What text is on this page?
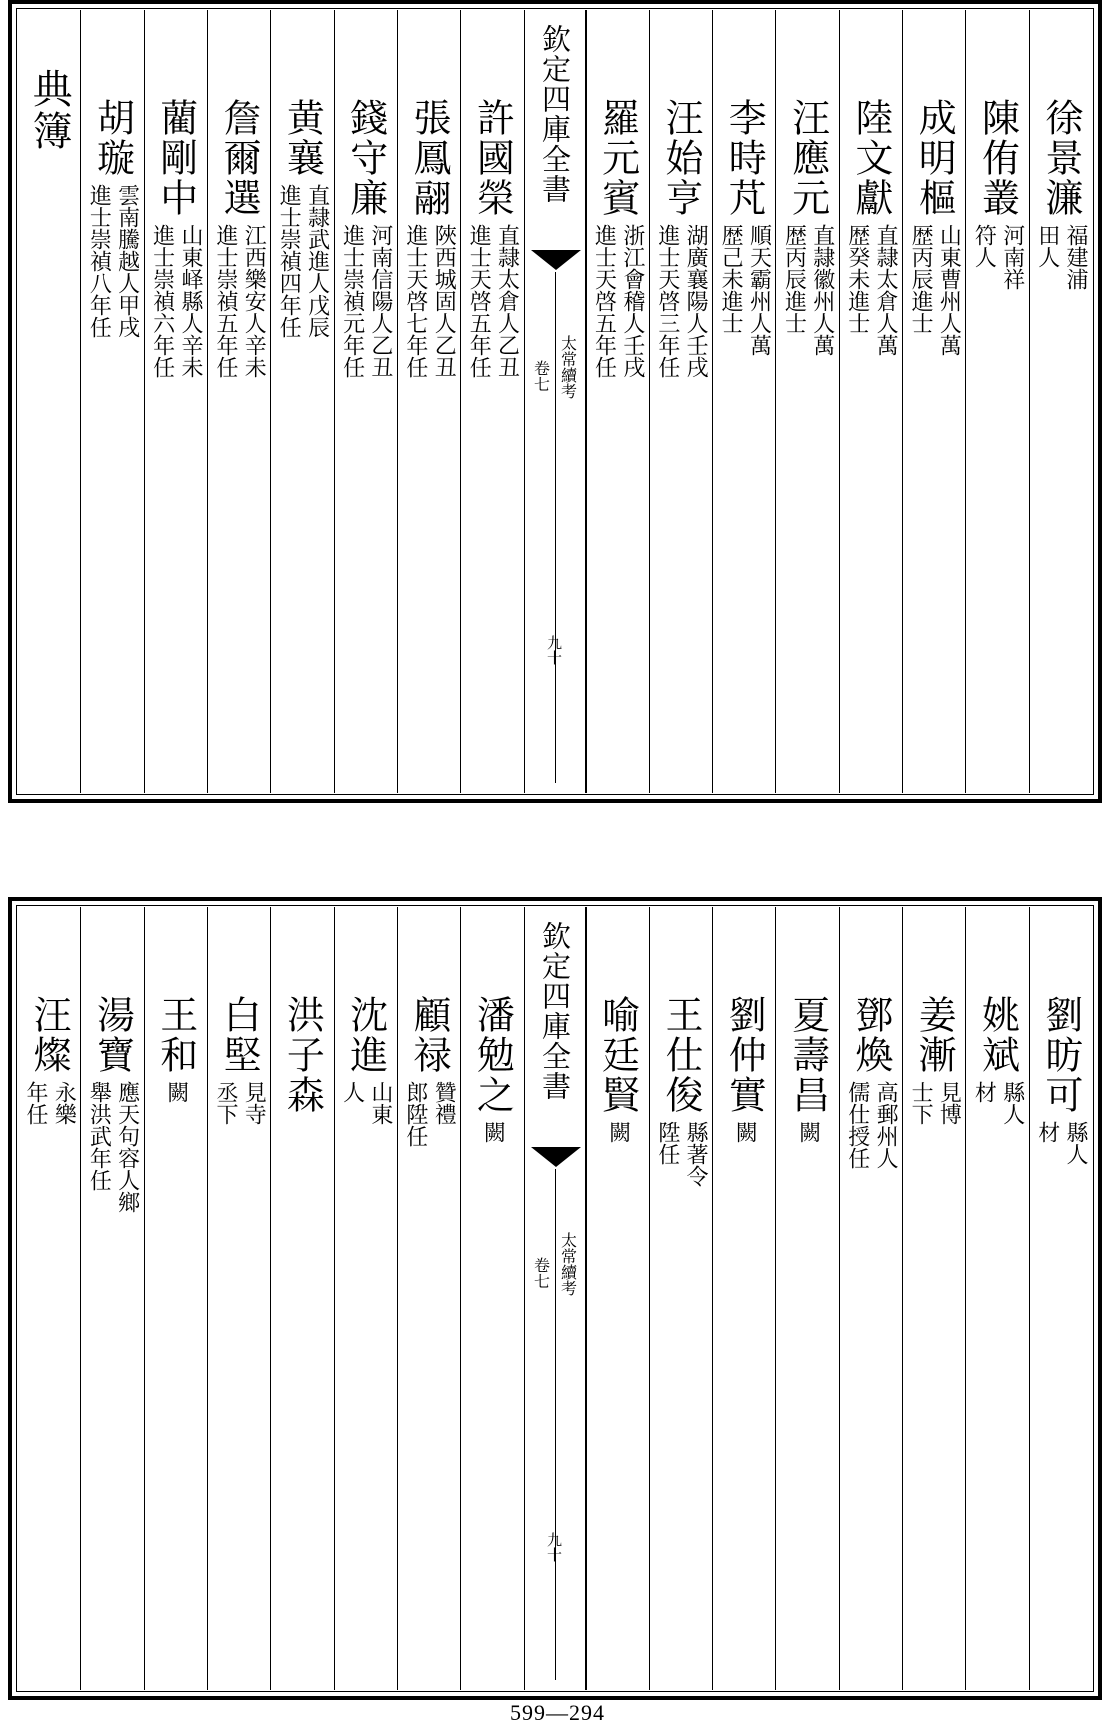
徐景濂
福建浦
田人
陳侑叢
河南祥
符人
成明樞
山東曹州人萬
歴丙辰進士
陸文獻
直隷太倉人萬
歴癸未進士
汪應元
直隷徽州人萬
歴丙辰進士
李時芃
順天霸州人萬
歴己未進士
汪始亨
湖廣襄陽人壬戌
進士天啓三年任
羅元賓
浙江會稽人壬戌
進士天啓五年任
欽定四庫全書
太常續考
卷七
九十
許國榮
直隷太倉人乙丑
進士天啓五年任
張鳳翮
陜西城固人乙丑
進士天啓七年任
錢守廉
河南信陽人乙丑
進士崇禎元年任
黄襄
直隷武進人戊辰
進士崇禎四年任
詹爾選
江西樂安人辛未
進士崇禎五年任
藺剛中
山東峄縣人辛未
進士崇禎六年任
胡璇
雲南騰越人甲戌
進士崇禎八年任
典簿
劉昉可
縣人
材
姚斌
縣人
材
姜漸
見博
士下
鄧煥
高郵州人
儒仕授任
夏壽昌
闕
劉仲實
闕
王仕俊
縣著令
陞任
喻廷賢
闕
欽定四庫全書
太常續考
卷七
九十
潘勉之
闕
顧禄
贊禮
郎陞任
沈進
山東
人
洪子森
白堅
見寺
丞下
王和
闕
湯寶
應天句容人鄉
舉洪武年任
汪燦
永樂
年任
599—294
